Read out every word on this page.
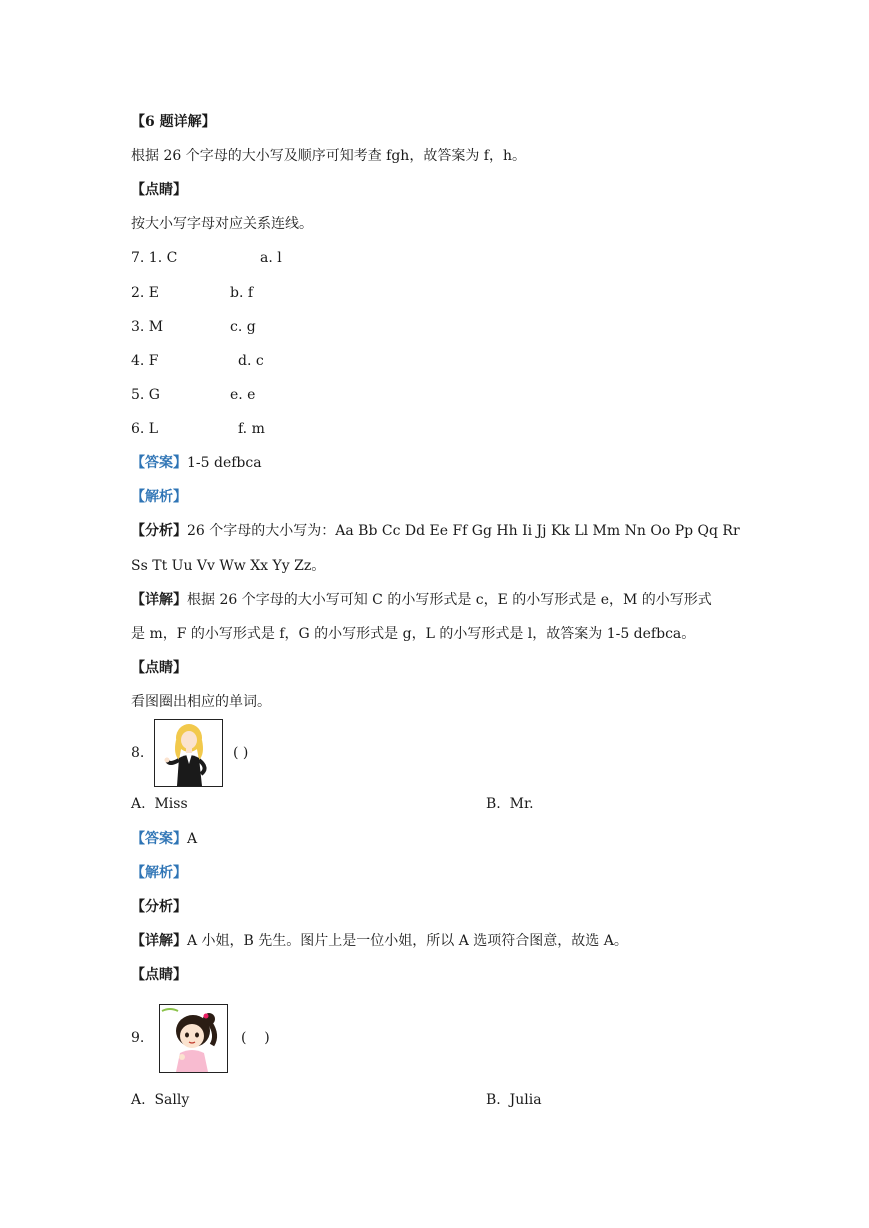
【6 题详解】
根据 26 个字母的大小写及顺序可知考查 fgh，故答案为 f，h。
【点睛】
按大小写字母对应关系连线。
7. 1. C	a. l
2. E	b. f
3. M	c. g
4. F	d. c
5. G	e. e
6. L	f. m
【答案】1-5 defbca
【解析】
【分析】26 个字母的大小写为：Aa Bb Cc Dd Ee Ff Gg Hh Ii Jj Kk Ll Mm Nn Oo Pp Qq Rr
Ss Tt Uu Vv Ww Xx Yy Zz。
【详解】根据 26 个字母的大小写可知 C 的小写形式是 c，E 的小写形式是 e，M 的小写形式
是 m，F 的小写形式是 f，G 的小写形式是 g，L 的小写形式是 l，故答案为 1-5 defbca。
【点睛】
看图圈出相应的单词。
8.	( )
A.  Miss	B.  Mr.
【答案】A
【解析】
【分析】
【详解】A 小姐，B 先生。图片上是一位小姐，所以 A 选项符合图意，故选 A。
【点睛】
9.	(    )
A.  Sally	B.  Julia
